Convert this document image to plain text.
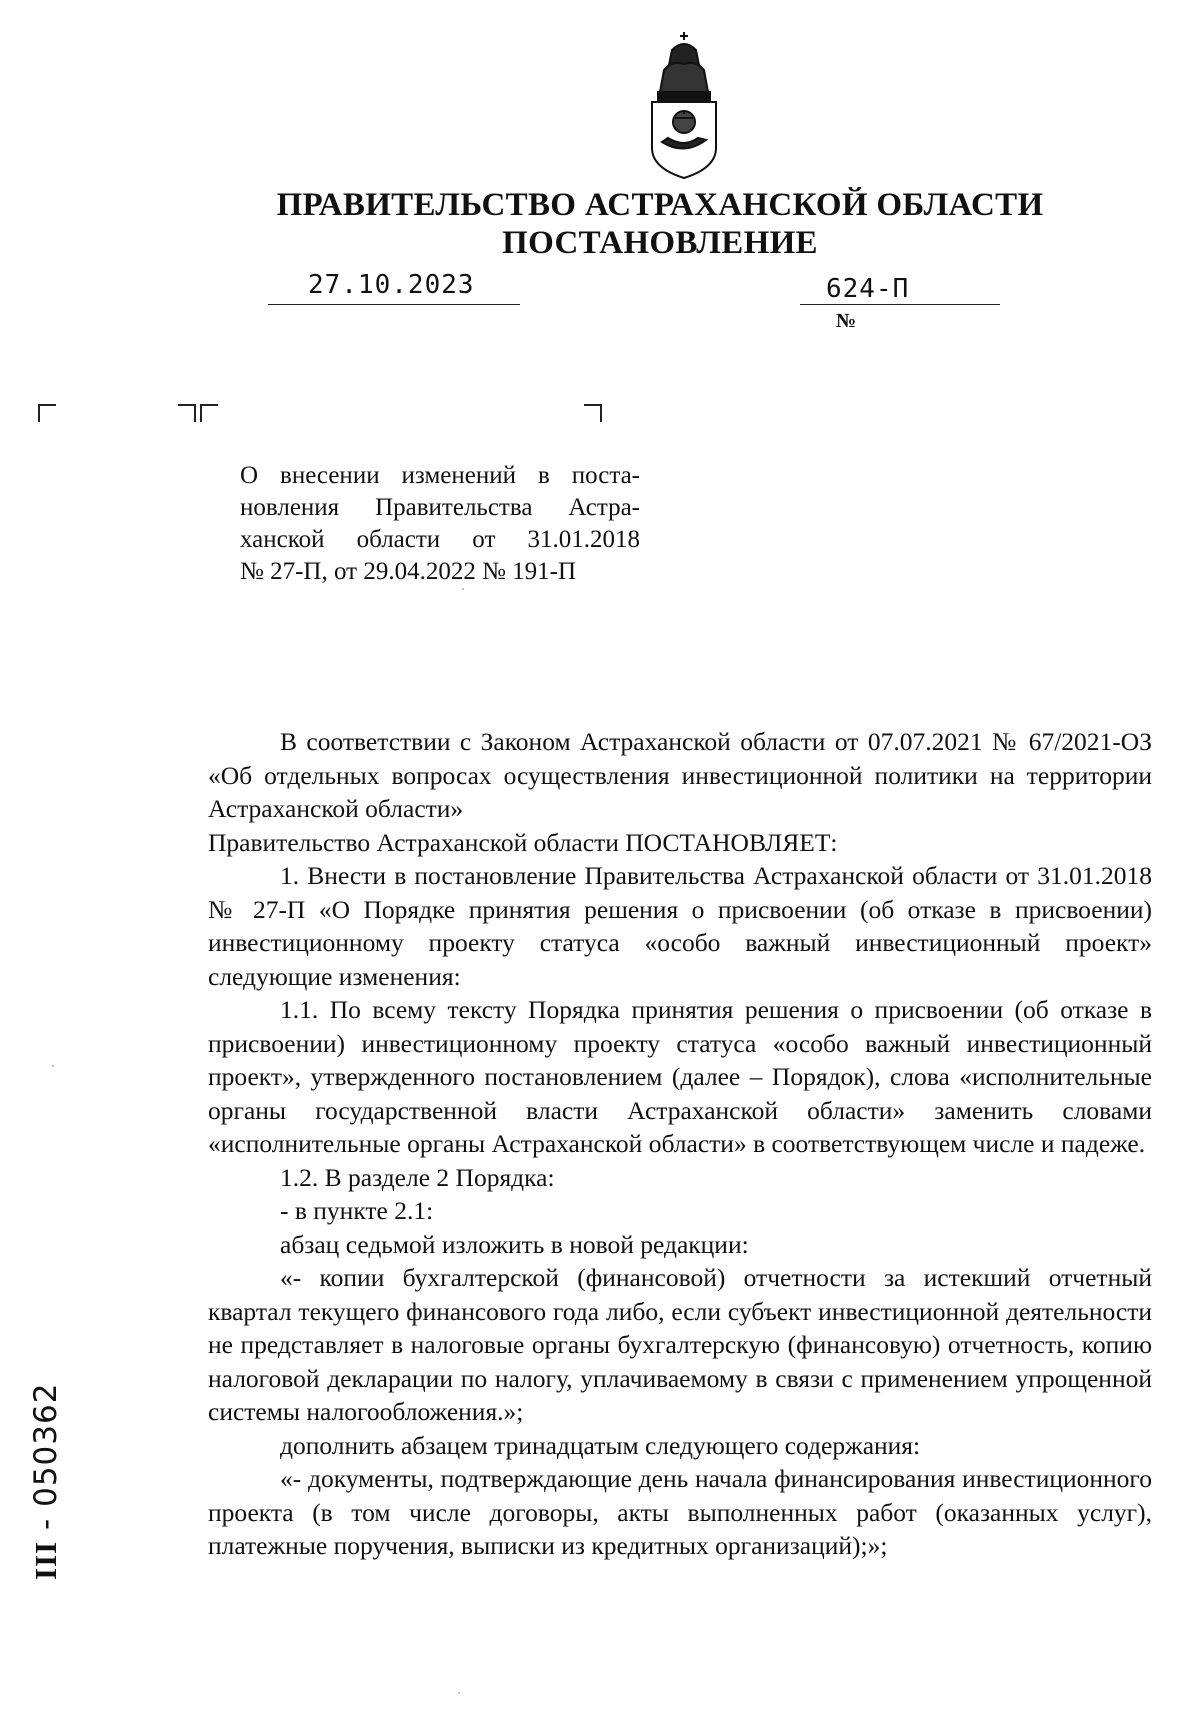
ПРАВИТЕЛЬСТВО АСТРАХАНСКОЙ ОБЛАСТИ
ПОСТАНОВЛЕНИЕ
27.10.2023
№
624-П
О внесении изменений в поста-
новления Правительства Астра-
ханской области от 31.01.2018
№ 27-П, от 29.04.2022 № 191-П

В соответствии с Законом Астраханской области от 07.07.2021 № 67/2021-ОЗ «Об отдельных вопросах осуществления инвестиционной политики на территории Астраханской области»

Правительство Астраханской области ПОСТАНОВЛЯЕТ:

1. Внести в постановление Правительства Астраханской области от 31.01.2018 № 27-П «О Порядке принятия решения о присвоении (об отказе в присвоении) инвестиционному проекту статуса «особо важный инвестиционный проект» следующие изменения:

1.1. По всему тексту Порядка принятия решения о присвоении (об отказе в присвоении) инвестиционному проекту статуса «особо важный инвестиционный проект», утвержденного постановлением (далее – Порядок), слова «исполнительные органы государственной власти Астраханской области» заменить словами «исполнительные органы Астраханской области» в соответствующем числе и падеже.

1.2. В разделе 2 Порядка:

- в пункте 2.1:

абзац седьмой изложить в новой редакции:

«- копии бухгалтерской (финансовой) отчетности за истекший отчетный квартал текущего финансового года либо, если субъект инвестиционной деятельности не представляет в налоговые органы бухгалтерскую (финансовую) отчетность, копию налоговой декларации по налогу, уплачиваемому в связи с применением упрощенной системы налогообложения.»;

дополнить абзацем тринадцатым следующего содержания:

«- документы, подтверждающие день начала финансирования инвестиционного проекта (в том числе договоры, акты выполненных работ (оказанных услуг), платежные поручения, выписки из кредитных организаций);»;

ІІІ - 050362
